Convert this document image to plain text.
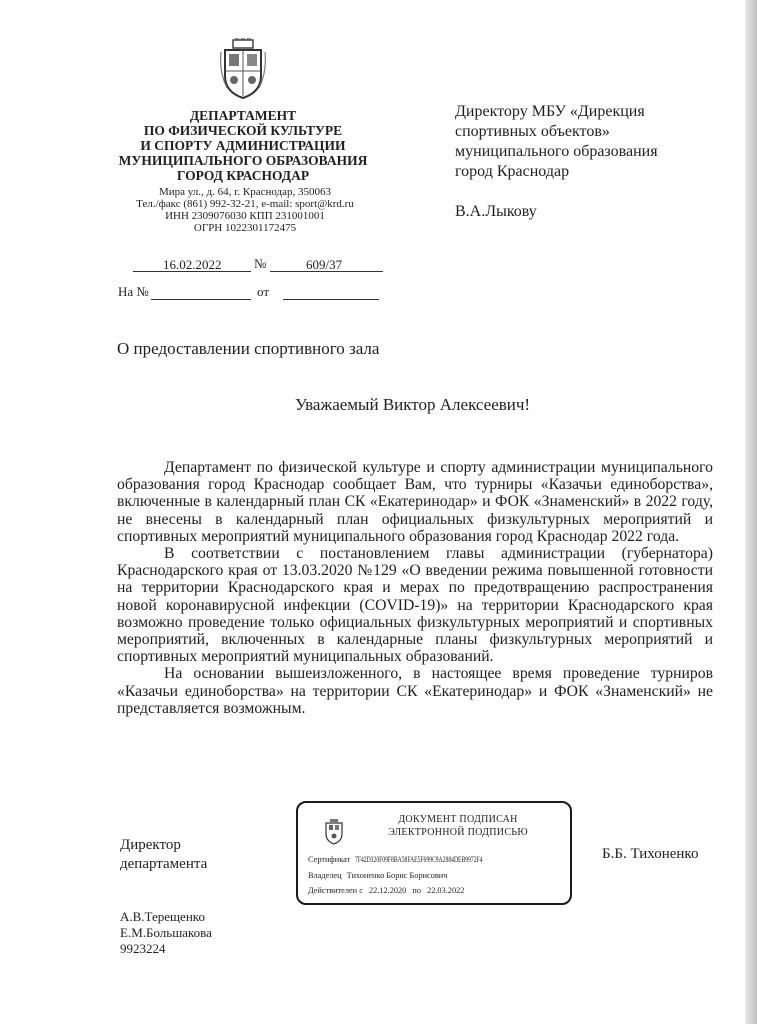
ДЕПАРТАМЕНТ
ПО ФИЗИЧЕСКОЙ КУЛЬТУРЕ
И СПОРТУ АДМИНИСТРАЦИИ
МУНИЦИПАЛЬНОГО ОБРАЗОВАНИЯ
ГОРОД КРАСНОДАР
Мира ул., д. 64, г. Краснодар, 350063
Тел./факс (861) 992-32-21, e-mail: sport@krd.ru
ИНН 2309076030 КПП 231001001
ОГРН 1022301172475
Директору МБУ «Дирекция
спортивных объектов»
муниципального образования
город Краснодар
В.А.Лыкову
16.02.2022	№	609/37
На №	от
О предоставлении спортивного зала
Уважаемый Виктор Алексеевич!

Департамент по физической культуре и спорту администрации муниципального образования город Краснодар сообщает Вам, что турниры «Казачьи единоборства», включенные в календарный план СК «Екатеринодар» и ФОК «Знаменский» в 2022 году, не внесены в календарный план официальных физкультурных мероприятий и спортивных мероприятий муниципального образования город Краснодар 2022 года.

В соответствии с постановлением главы администрации (губернатора) Краснодарского края от 13.03.2020 №129 «О введении режима повышенной готовности на территории Краснодарского края и мерах по предотвращению распространения новой коронавирусной инфекции (COVID-19)» на территории Краснодарского края возможно проведение только официальных физкультурных мероприятий и спортивных мероприятий, включенных в календарные планы физкультурных мероприятий и спортивных мероприятий муниципальных образований.

На основании вышеизложенного, в настоящее время проведение турниров «Казачьи единоборства» на территории СК «Екатеринодар» и ФОК «Знаменский» не представляется возможным.

Директор
департамента
Б.Б. Тихоненко
ДОКУМЕНТ ПОДПИСАН
ЭЛЕКТРОННОЙ ПОДПИСЬЮ
Сертификат 7F42D320F09F8BA58FAE5F699C9A2884DEB9972F4
Владелец Тихоненко Борис Борисович
Действителен с 22.12.2020 по 22.03.2022
А.В.Терещенко
Е.М.Большакова
9923224
